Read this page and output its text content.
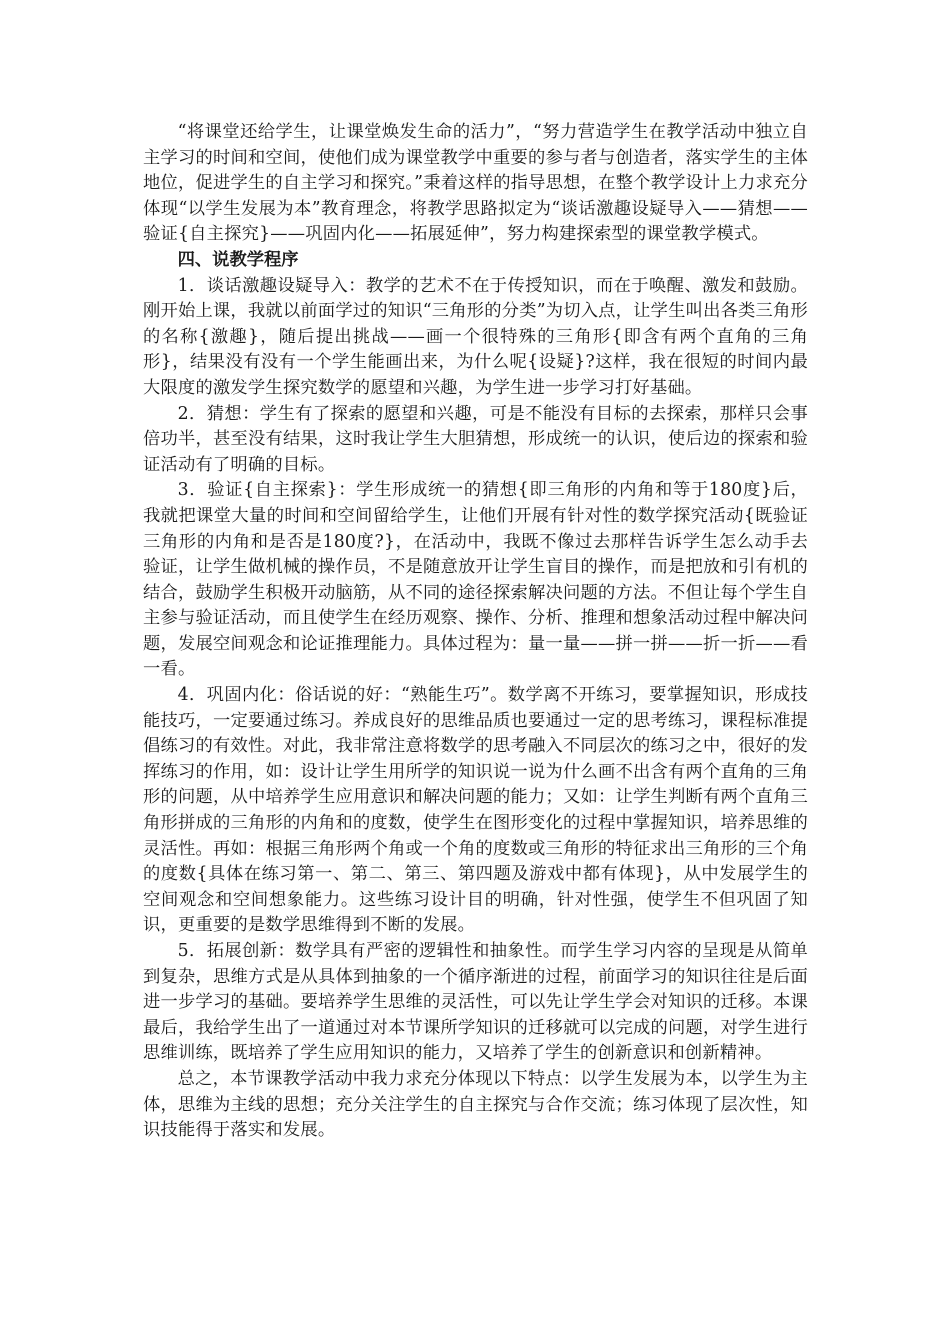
“将课堂还给学生，让课堂焕发生命的活力”，“努力营造学生在教学活动中独立自主学习的时间和空间，使他们成为课堂教学中重要的参与者与创造者，落实学生的主体地位，促进学生的自主学习和探究。”秉着这样的指导思想，在整个教学设计上力求充分体现“以学生发展为本”教育理念，将教学思路拟定为“谈话激趣设疑导入——猜想——验证{自主探究}——巩固内化——拓展延伸”，努力构建探索型的课堂教学模式。

四、说教学程序

1．谈话激趣设疑导入：教学的艺术不在于传授知识，而在于唤醒、激发和鼓励。刚开始上课，我就以前面学过的知识“三角形的分类”为切入点，让学生叫出各类三角形的名称{激趣}，随后提出挑战——画一个很特殊的三角形{即含有两个直角的三角形}，结果没有没有一个学生能画出来，为什么呢{设疑}?这样，我在很短的时间内最大限度的激发学生探究数学的愿望和兴趣，为学生进一步学习打好基础。

2．猜想：学生有了探索的愿望和兴趣，可是不能没有目标的去探索，那样只会事倍功半，甚至没有结果，这时我让学生大胆猜想，形成统一的认识，使后边的探索和验证活动有了明确的目标。

3．验证{自主探索}：学生形成统一的猜想{即三角形的内角和等于180度}后，我就把课堂大量的时间和空间留给学生，让他们开展有针对性的数学探究活动{既验证三角形的内角和是否是180度?}，在活动中，我既不像过去那样告诉学生怎么动手去验证，让学生做机械的操作员，不是随意放开让学生盲目的操作，而是把放和引有机的结合，鼓励学生积极开动脑筋，从不同的途径探索解决问题的方法。不但让每个学生自主参与验证活动，而且使学生在经历观察、操作、分析、推理和想象活动过程中解决问题，发展空间观念和论证推理能力。具体过程为：量一量——拼一拼——折一折——看一看。

4．巩固内化：俗话说的好：“熟能生巧”。数学离不开练习，要掌握知识，形成技能技巧，一定要通过练习。养成良好的思维品质也要通过一定的思考练习，课程标准提倡练习的有效性。对此，我非常注意将数学的思考融入不同层次的练习之中，很好的发挥练习的作用，如：设计让学生用所学的知识说一说为什么画不出含有两个直角的三角形的问题，从中培养学生应用意识和解决问题的能力；又如：让学生判断有两个直角三角形拼成的三角形的内角和的度数，使学生在图形变化的过程中掌握知识，培养思维的灵活性。再如：根据三角形两个角或一个角的度数或三角形的特征求出三角形的三个角的度数{具体在练习第一、第二、第三、第四题及游戏中都有体现}，从中发展学生的空间观念和空间想象能力。这些练习设计目的明确，针对性强，使学生不但巩固了知识，更重要的是数学思维得到不断的发展。

5．拓展创新：数学具有严密的逻辑性和抽象性。而学生学习内容的呈现是从简单到复杂，思维方式是从具体到抽象的一个循序渐进的过程，前面学习的知识往往是后面进一步学习的基础。要培养学生思维的灵活性，可以先让学生学会对知识的迁移。本课最后，我给学生出了一道通过对本节课所学知识的迁移就可以完成的问题，对学生进行思维训练，既培养了学生应用知识的能力，又培养了学生的创新意识和创新精神。

总之，本节课教学活动中我力求充分体现以下特点：以学生发展为本，以学生为主体，思维为主线的思想；充分关注学生的自主探究与合作交流；练习体现了层次性，知识技能得于落实和发展。
